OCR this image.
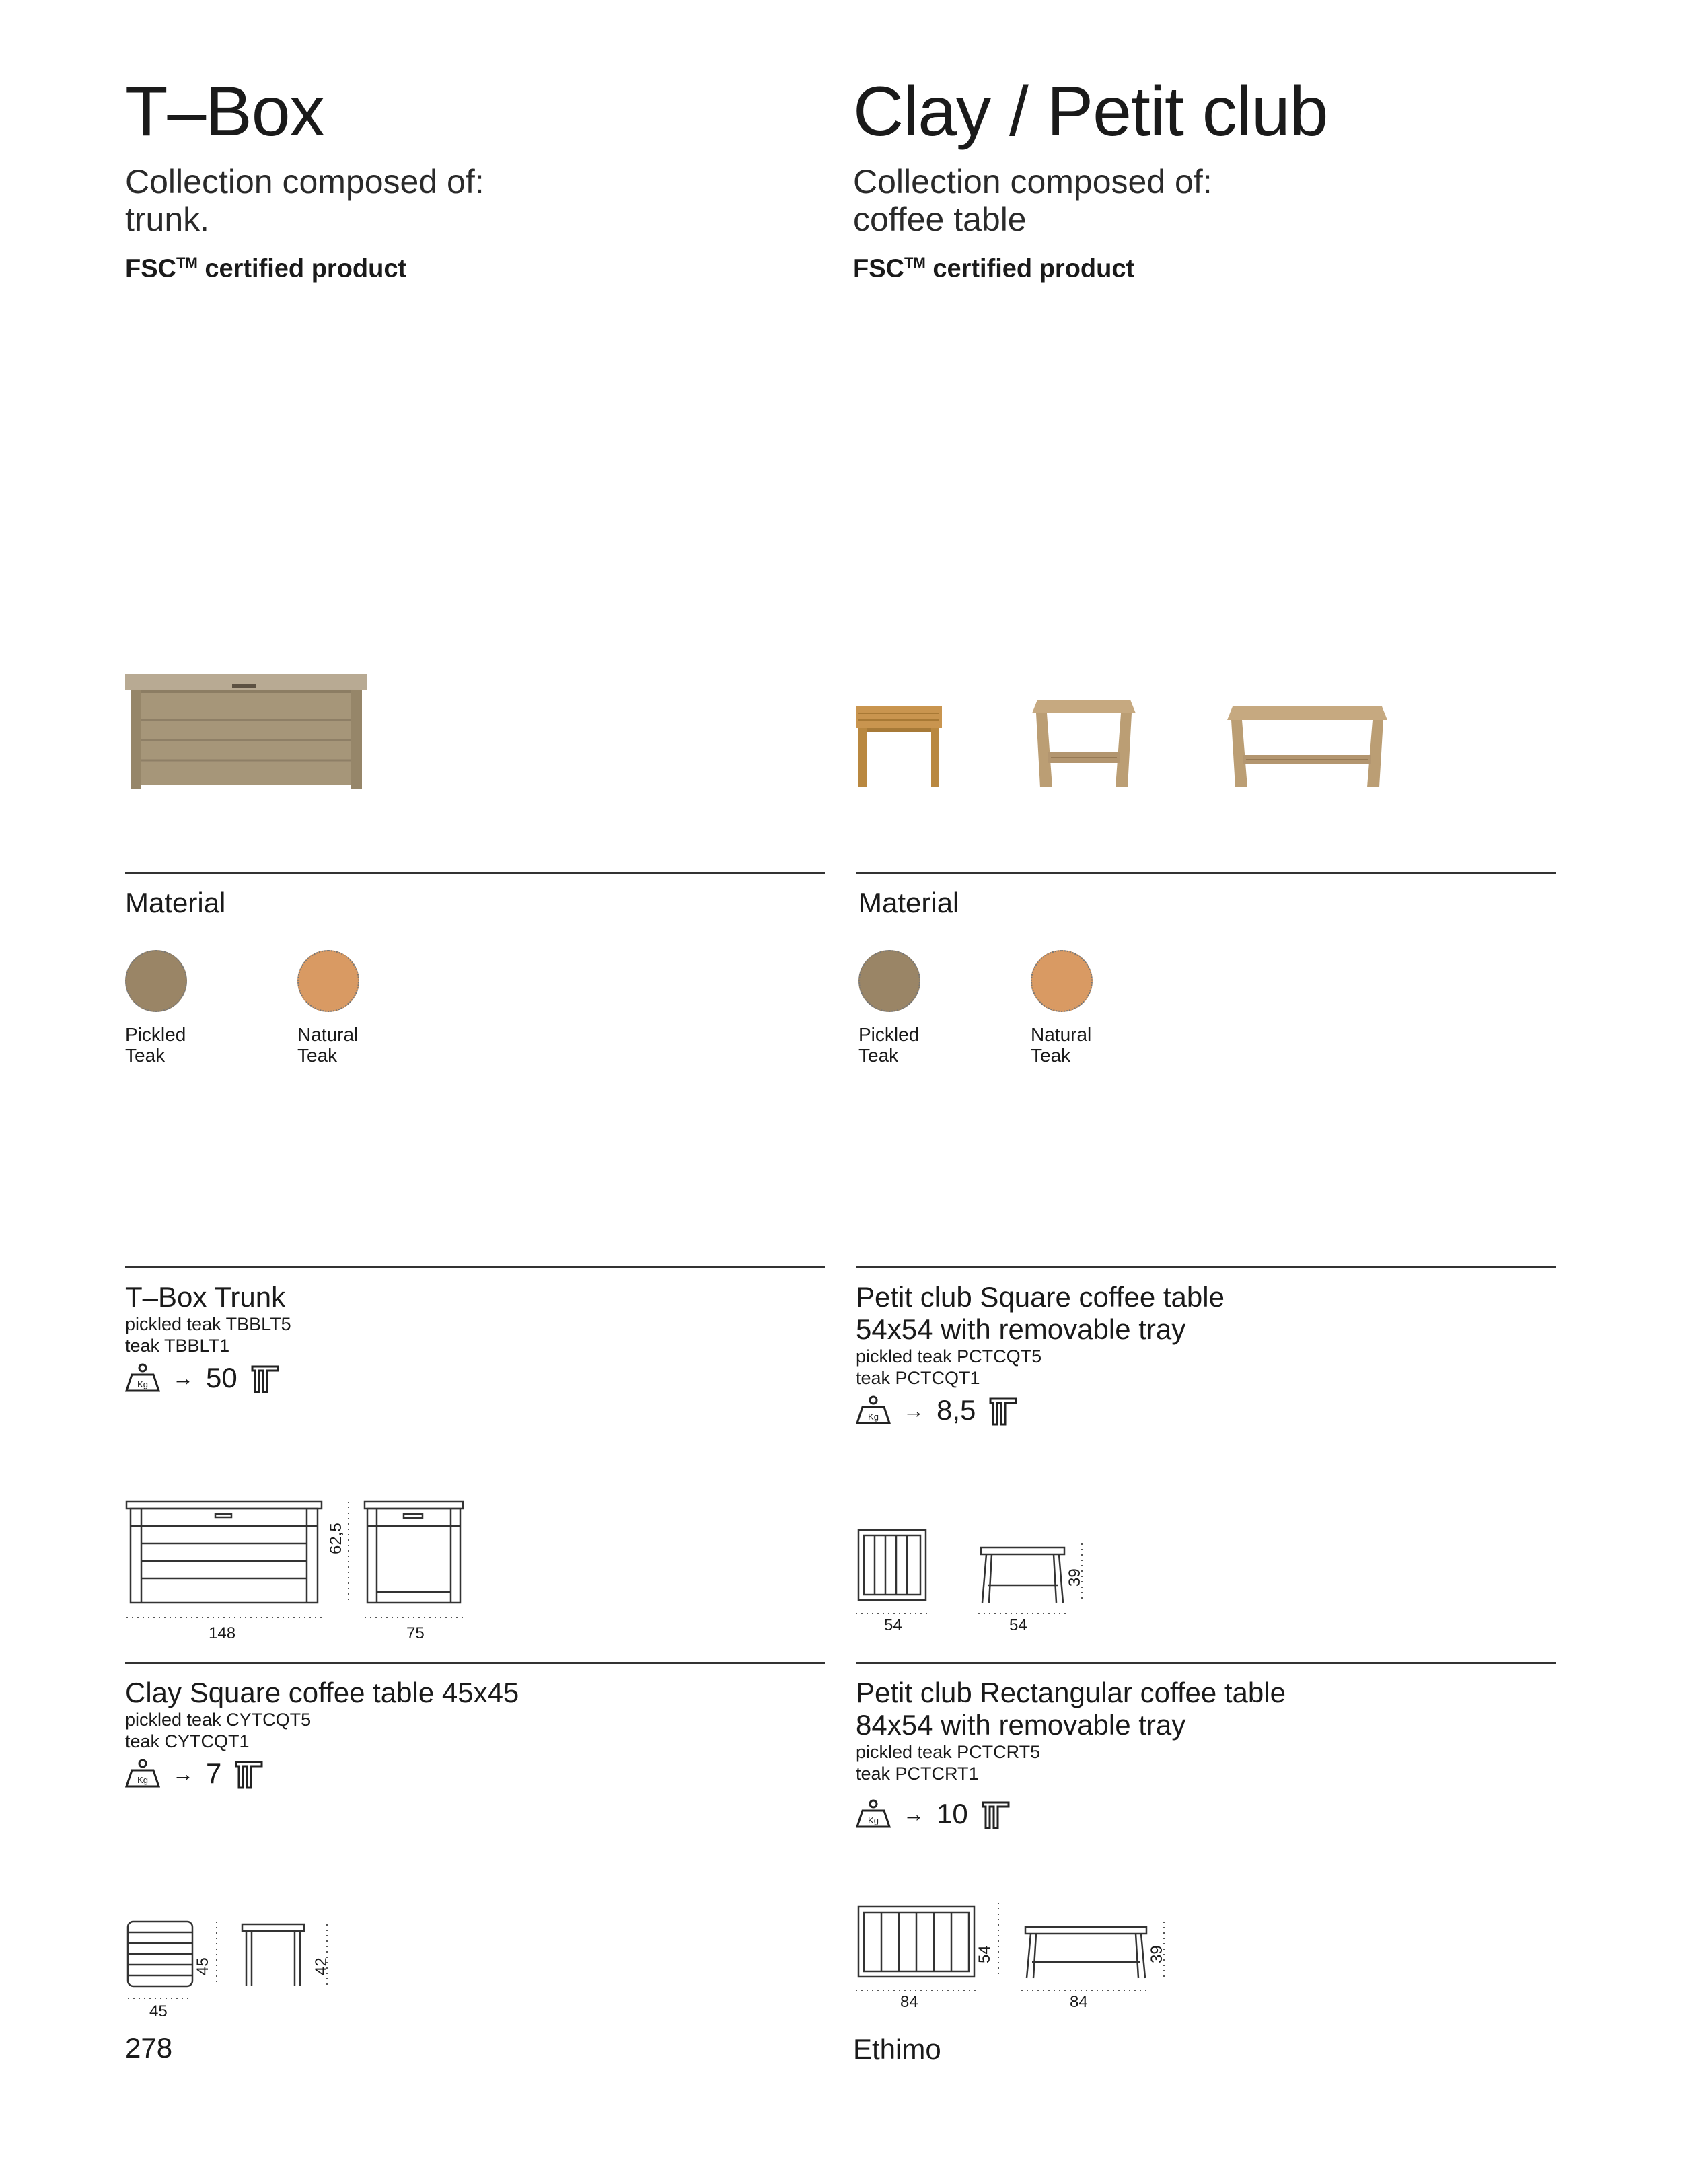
T–Box
Collection composed of:
trunk.
FSC™ certified product
Clay / Petit club
Collection composed of:
coffee table
FSC™ certified product
Material
Pickled
Teak
Natural
Teak
Material
Pickled
Teak
Natural
Teak
T–Box Trunk
pickled teak TBBLT5
teak TBBLT1
Kg → 50
148	75
62,5
Clay Square coffee table 45x45
pickled teak CYTCQT5
teak CYTCQT1
Kg → 7
45
45	42
Petit club Square coffee table
54x54 with removable tray
pickled teak PCTCQT5
teak PCTCQT1
Kg → 8,5
54	54
39
Petit club Rectangular coffee table
84x54 with removable tray
pickled teak PCTCRT5
teak PCTCRT1
Kg → 10
84
54
84
39
278	Ethimo
